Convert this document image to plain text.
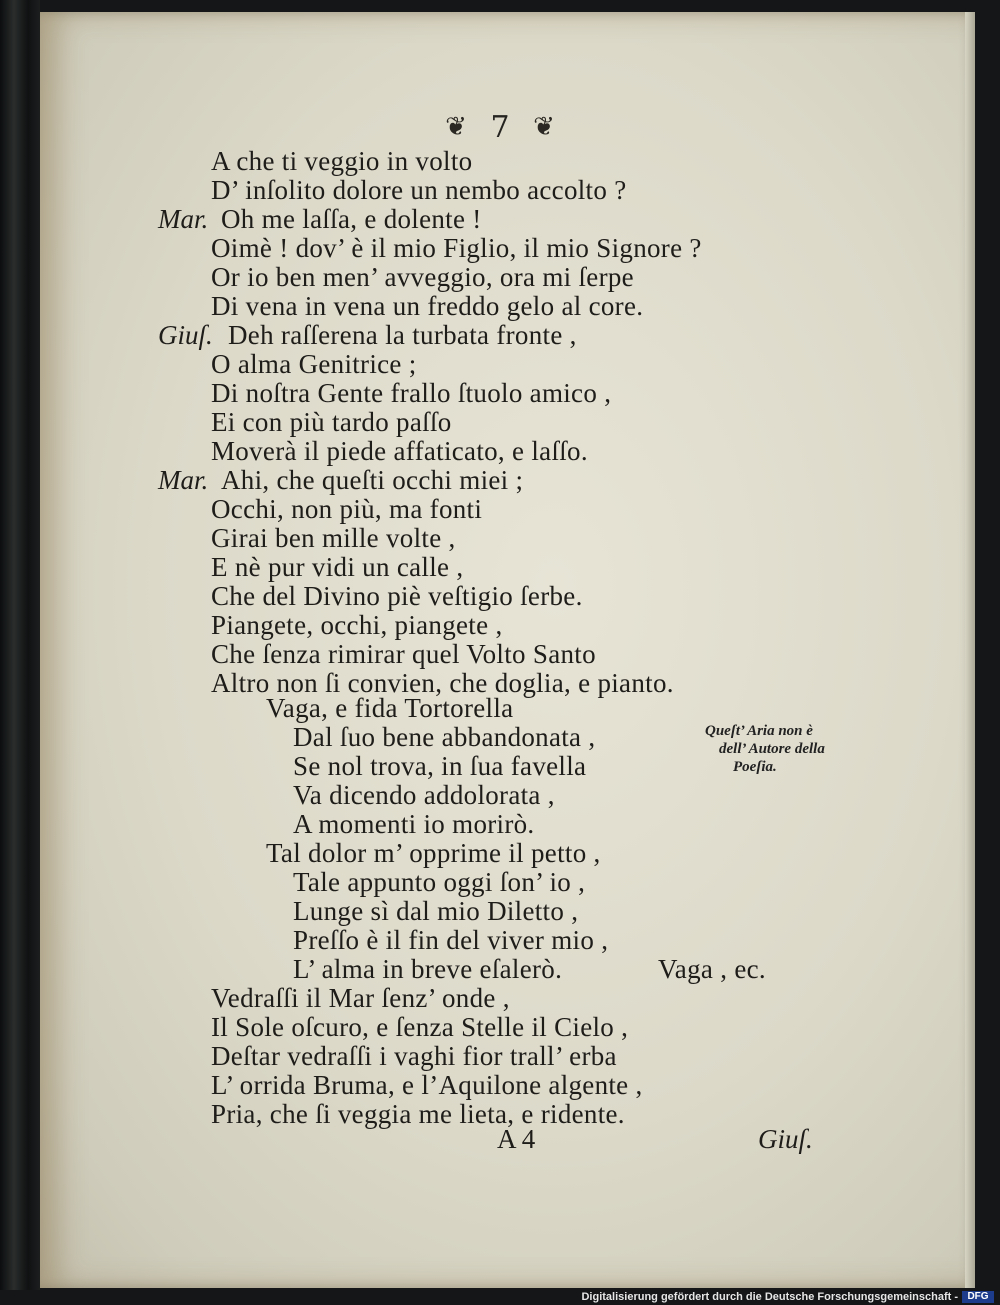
❦ 7 ❦
A che ti veggio in volto
D’ inſolito dolore un nembo accolto ?
Mar. Oh me laſſa, e dolente !
Oimè ! dov’ è il mio Figlio, il mio Signore ?
Or io ben men’ avveggio, ora mi ſerpe
Di vena in vena un freddo gelo al core.
Giuſ. Deh raſſerena la turbata fronte ,
O alma Genitrice ;
Di noſtra Gente frallo ſtuolo amico ,
Ei con più tardo paſſo
Moverà il piede affaticato, e laſſo.
Mar. Ahi, che queſti occhi miei ;
Occhi, non più, ma fonti
Girai ben mille volte ,
E nè pur vidi un calle ,
Che del Divino piè veſtigio ſerbe.
Piangete, occhi, piangete ,
Che ſenza rimirar quel Volto Santo
Altro non ſi convien, che doglia, e pianto.
Vaga, e fida Tortorella
Dal ſuo bene abbandonata ,
Se nol trova, in ſua favella
Va dicendo addolorata ,
A momenti io morirò.
Tal dolor m’ opprime il petto ,
Tale appunto oggi ſon’ io ,
Lunge sì dal mio Diletto ,
Preſſo è il fin del viver mio ,
L’ alma in breve eſalerò.	Vaga , ec.
Vedraſſi il Mar ſenz’ onde ,
Il Sole oſcuro, e ſenza Stelle il Cielo ,
Deſtar vedraſſi i vaghi fior trall’ erba
L’ orrida Bruma, e l’Aquilone algente ,
Pria, che ſi veggia me lieta, e ridente.
A 4	Giuſ.
Queſt’ Aria non è
dell’ Autore della
Poeſia.
Digitalisierung gefördert durch die Deutsche Forschungsgemeinschaft - DFG
